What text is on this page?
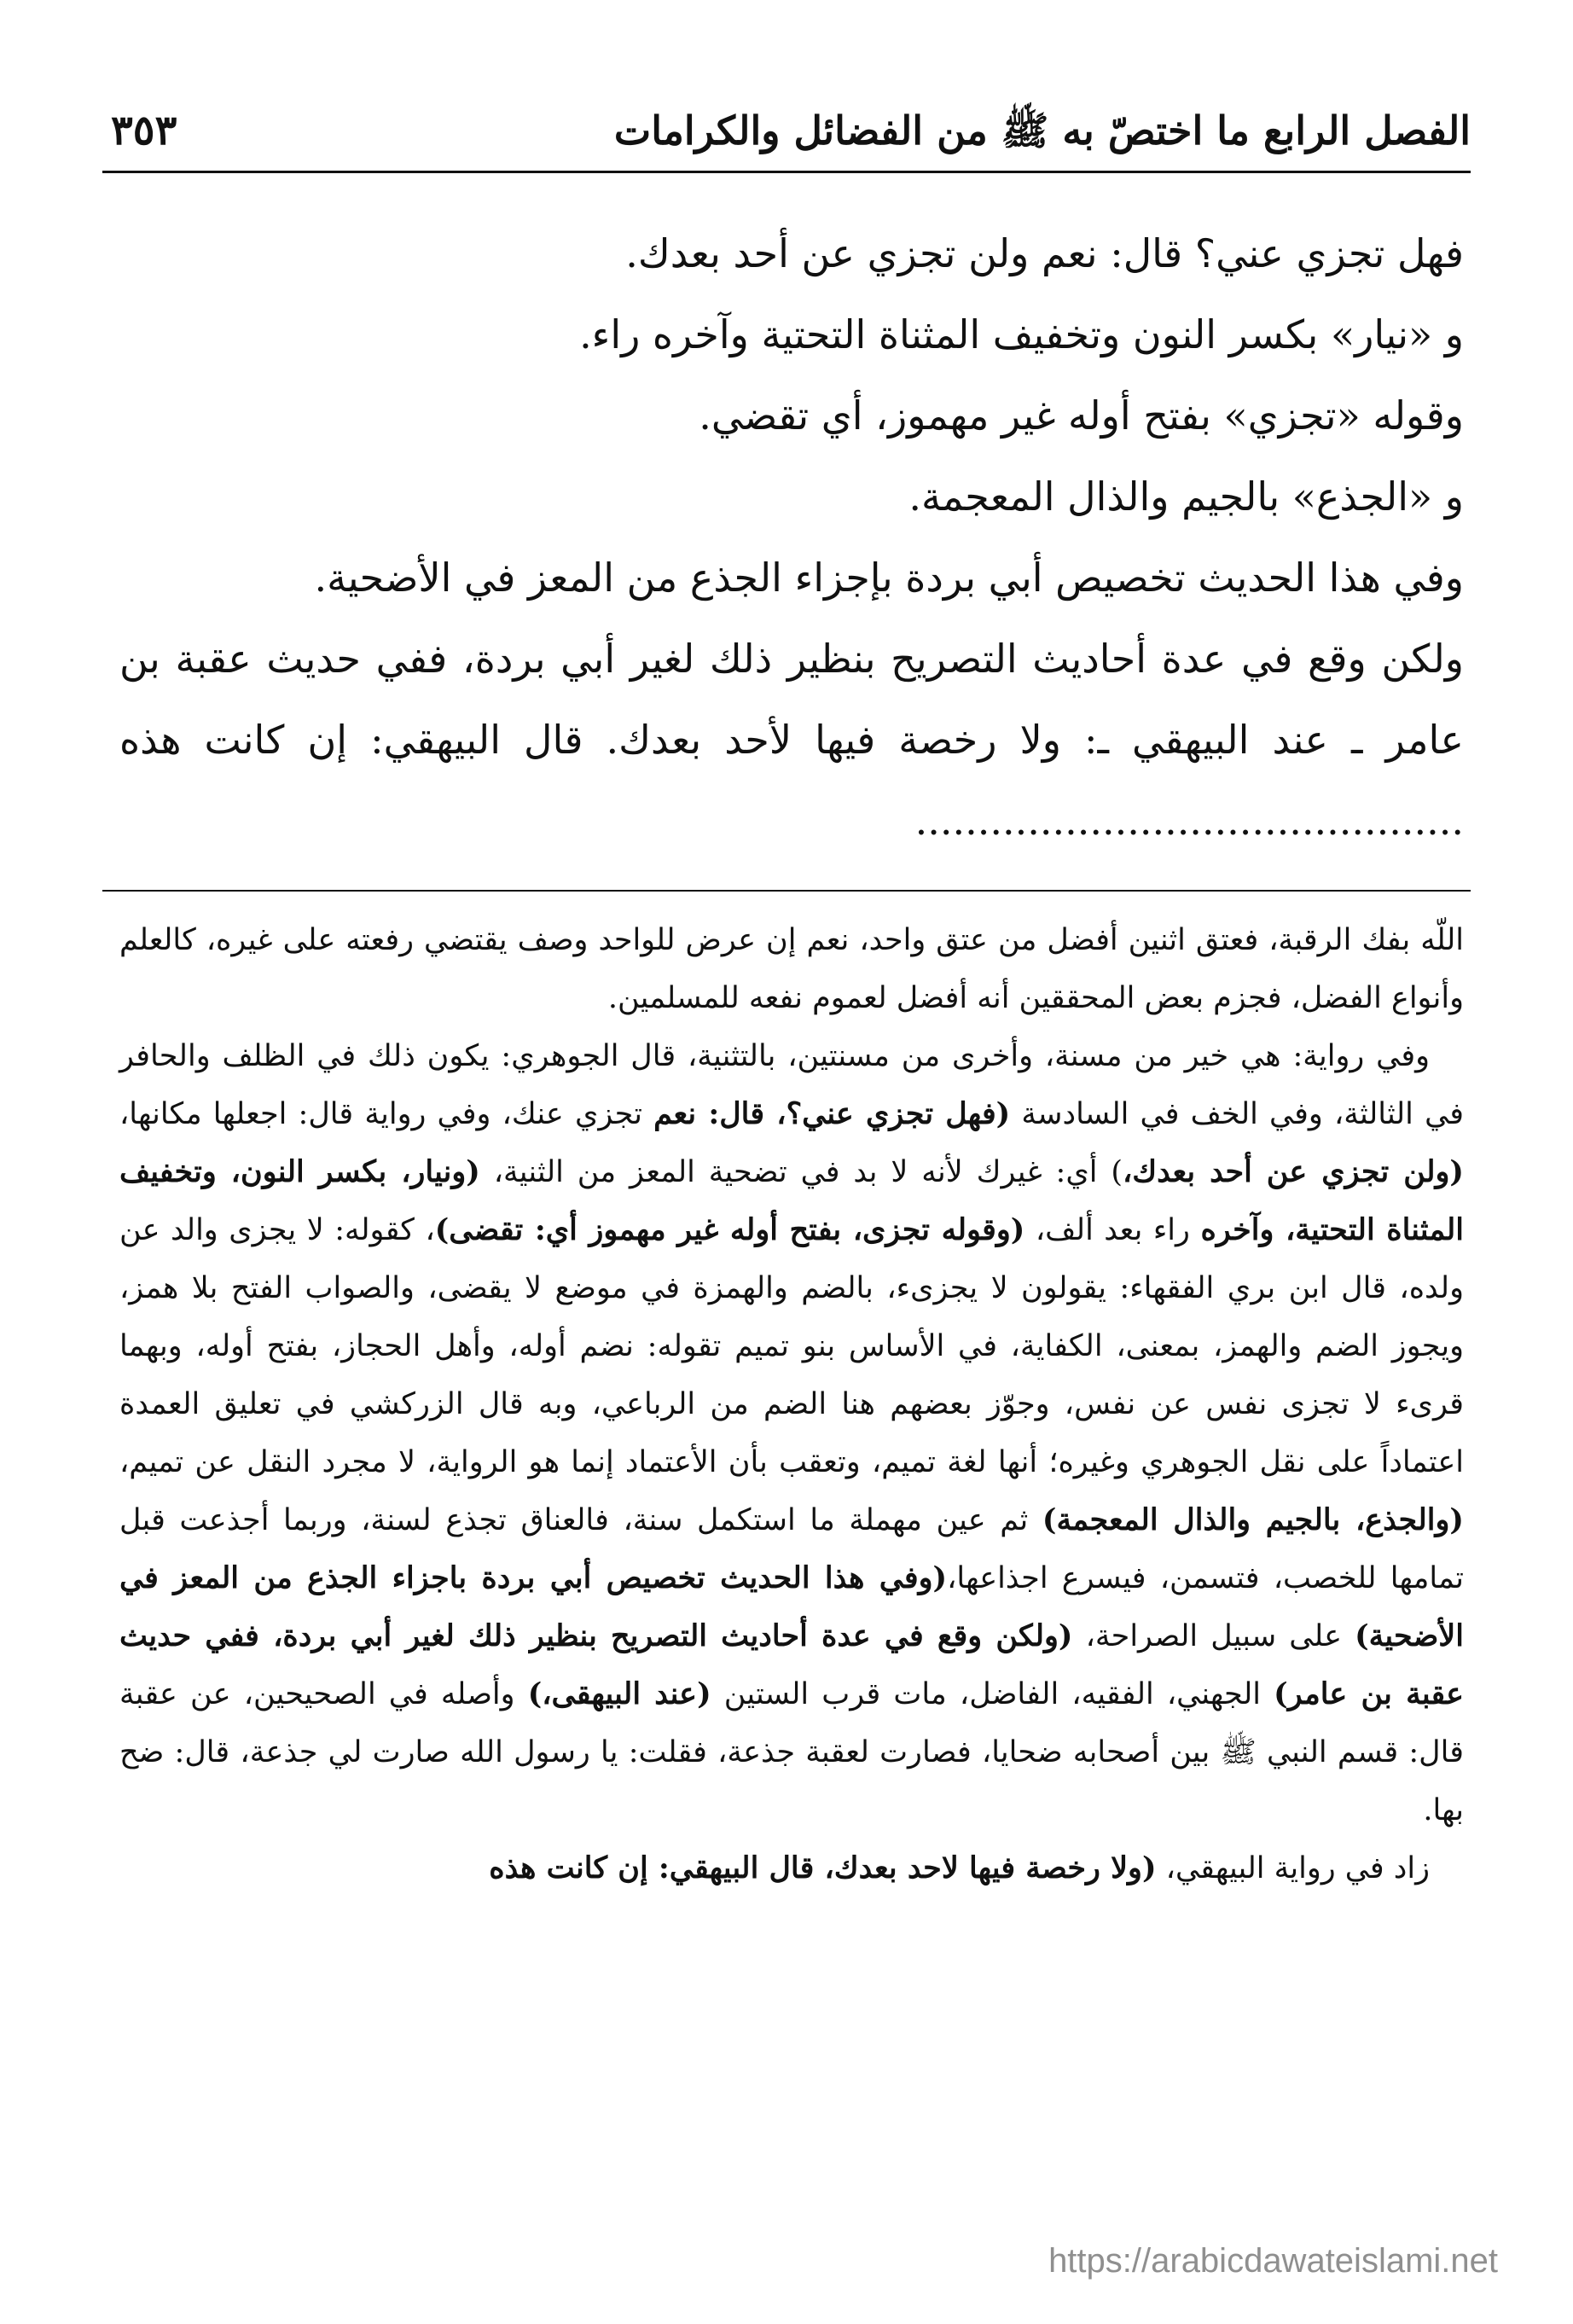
الفصل الرابع ما اختصّ به ﷺ من الفضائل والكرامات
٣٥٣

فهل تجزي عني؟ قال: نعم ولن تجزي عن أحد بعدك.

و «نيار» بكسر النون وتخفيف المثناة التحتية وآخره راء.

وقوله «تجزي» بفتح أوله غير مهموز، أي تقضي.

و «الجذع» بالجيم والذال المعجمة.

وفي هذا الحديث تخصيص أبي بردة بإجزاء الجذع من المعز في الأضحية.

ولكن وقع في عدة أحاديث التصريح بنظير ذلك لغير أبي بردة، ففي حديث عقبة بن عامر ـ عند البيهقي ـ: ولا رخصة فيها لأحد بعدك. قال البيهقي: إن كانت هذه ............................................

اللّه بفك الرقبة، فعتق اثنين أفضل من عتق واحد، نعم إن عرض للواحد وصف يقتضي رفعته على غيره، كالعلم وأنواع الفضل، فجزم بعض المحققين أنه أفضل لعموم نفعه للمسلمين.

وفي رواية: هي خير من مسنة، وأخرى من مسنتين، بالتثنية، قال الجوهري: يكون ذلك في الظلف والحافر في الثالثة، وفي الخف في السادسة (فهل تجزي عني؟، قال: نعم تجزي عنك، وفي رواية قال: اجعلها مكانها، (ولن تجزي عن أحد بعدك،) أي: غيرك لأنه لا بد في تضحية المعز من الثنية، (ونيار، بكسر النون، وتخفيف المثناة التحتية، وآخره راء بعد ألف، (وقوله تجزى، بفتح أوله غير مهموز أي: تقضى)، كقوله: لا يجزى والد عن ولده، قال ابن بري الفقهاء: يقولون لا يجزىء، بالضم والهمزة في موضع لا يقضى، والصواب الفتح بلا همز، ويجوز الضم والهمز، بمعنى، الكفاية، في الأساس بنو تميم تقوله: نضم أوله، وأهل الحجاز، بفتح أوله، وبهما قرىء لا تجزى نفس عن نفس، وجوّز بعضهم هنا الضم من الرباعي، وبه قال الزركشي في تعليق العمدة اعتماداً على نقل الجوهري وغيره؛ أنها لغة تميم، وتعقب بأن الأعتماد إنما هو الرواية، لا مجرد النقل عن تميم، (والجذع، بالجيم والذال المعجمة) ثم عين مهملة ما استكمل سنة، فالعناق تجذع لسنة، وربما أجذعت قبل تمامها للخصب، فتسمن، فيسرع اجذاعها،(وفي هذا الحديث تخصيص أبي بردة باجزاء الجذع من المعز في الأضحية) على سبيل الصراحة، (ولكن وقع في عدة أحاديث التصريح بنظير ذلك لغير أبي بردة، ففي حديث عقبة بن عامر) الجهني، الفقيه، الفاضل، مات قرب الستين (عند البيهقى،) وأصله في الصحيحين، عن عقبة قال: قسم النبي ﷺ بين أصحابه ضحايا، فصارت لعقبة جذعة، فقلت: يا رسول الله صارت لي جذعة، قال: ضح بها.

زاد في رواية البيهقي، (ولا رخصة فيها لاحد بعدك، قال البيهقي: إن كانت هذه

https://arabicdawateislami.net
